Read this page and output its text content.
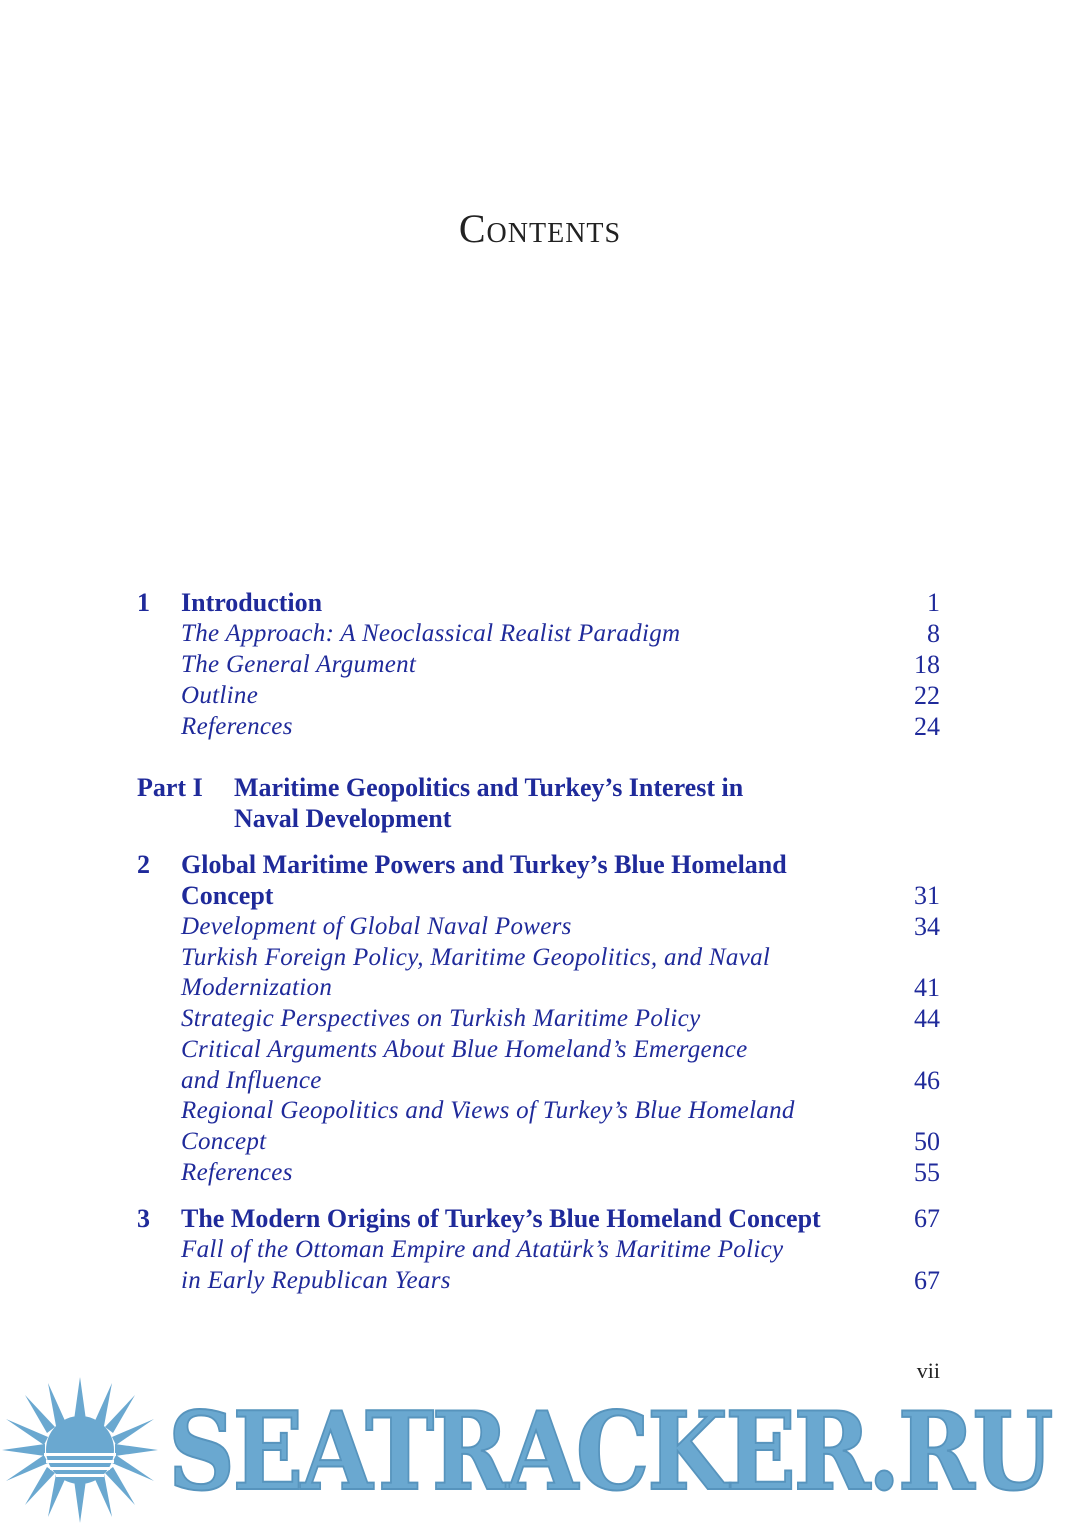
Contents
1 Introduction	1
The Approach: A Neoclassical Realist Paradigm	8
The General Argument	18
Outline	22
References	24
Part I Maritime Geopolitics and Turkey’s Interest in
Naval Development
2 Global Maritime Powers and Turkey’s Blue Homeland
Concept	31
Development of Global Naval Powers	34
Turkish Foreign Policy, Maritime Geopolitics, and Naval
Modernization	41
Strategic Perspectives on Turkish Maritime Policy	44
Critical Arguments About Blue Homeland’s Emergence
and Influence	46
Regional Geopolitics and Views of Turkey’s Blue Homeland
Concept	50
References	55
3 The Modern Origins of Turkey’s Blue Homeland Concept	67
Fall of the Ottoman Empire and Atatürk’s Maritime Policy
in Early Republican Years	67
vii
SEATRACKER.RU
